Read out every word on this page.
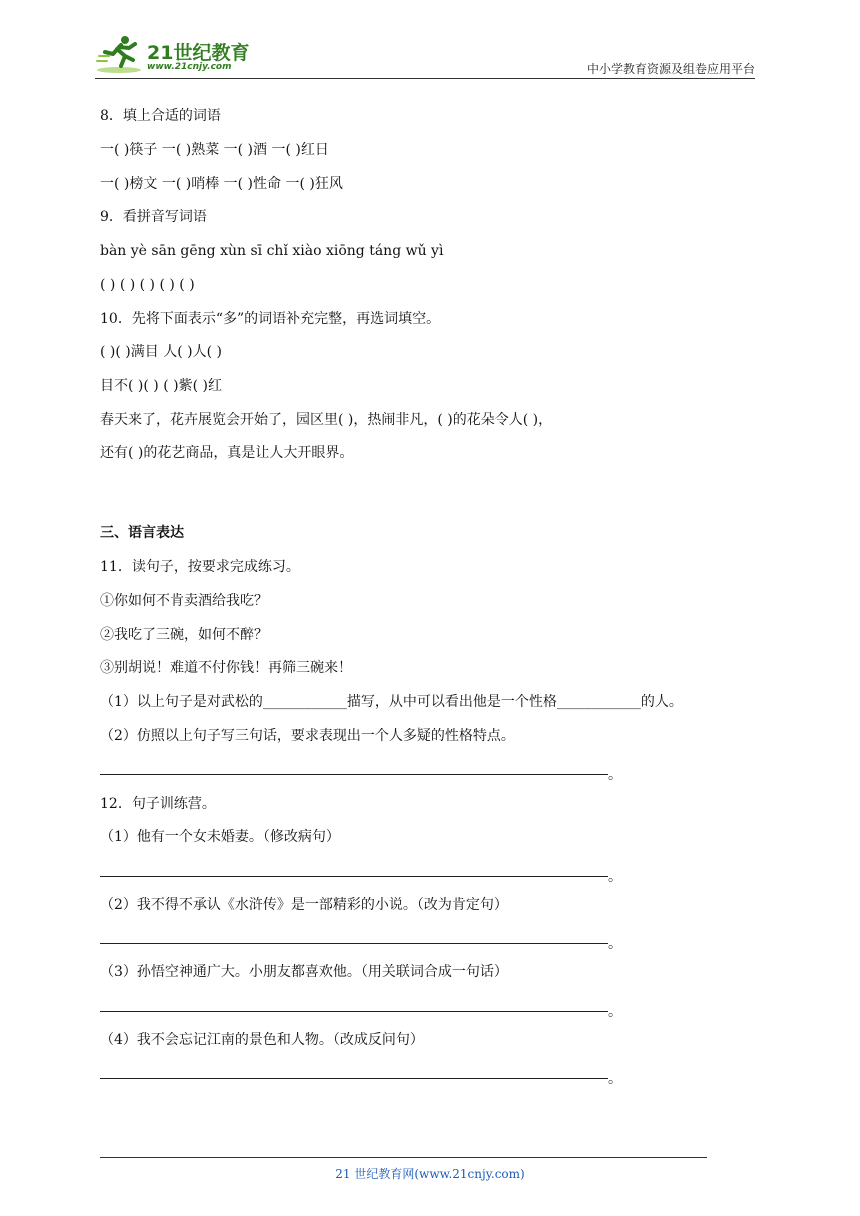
21世纪教育
www.21cnjy.com	中小学教育资源及组卷应用平台
8．填上合适的词语
一( )筷子 一( )熟菜 一( )酒 一( )红日
一( )榜文 一( )哨棒 一( )性命 一( )狂风
9．看拼音写词语
bàn yè sān gēng xùn sī chǐ xiào xiōng táng wǔ yì
( ) ( ) ( ) ( ) ( )
10．先将下面表示“多”的词语补充完整，再选词填空。
( )( )满目 人( )人( )
目不( )( ) ( )紫( )红
春天来了，花卉展览会开始了，园区里( )，热闹非凡，( )的花朵令人( )，
还有( )的花艺商品，真是让人大开眼界。
三、语言表达
11．读句子，按要求完成练习。
①你如何不肯卖酒给我吃？
②我吃了三碗，如何不醉？
③别胡说！难道不付你钱！再筛三碗来！
（1）以上句子是对武松的____________描写，从中可以看出他是一个性格____________的人。
（2）仿照以上句子写三句话，要求表现出一个人多疑的性格特点。
。
12．句子训练营。
（1）他有一个女未婚妻。（修改病句）
。
（2）我不得不承认《水浒传》是一部精彩的小说。（改为肯定句）
。
（3）孙悟空神通广大。小朋友都喜欢他。（用关联词合成一句话）
。
（4）我不会忘记江南的景色和人物。（改成反问句）
。
21 世纪教育网(www.21cnjy.com)
